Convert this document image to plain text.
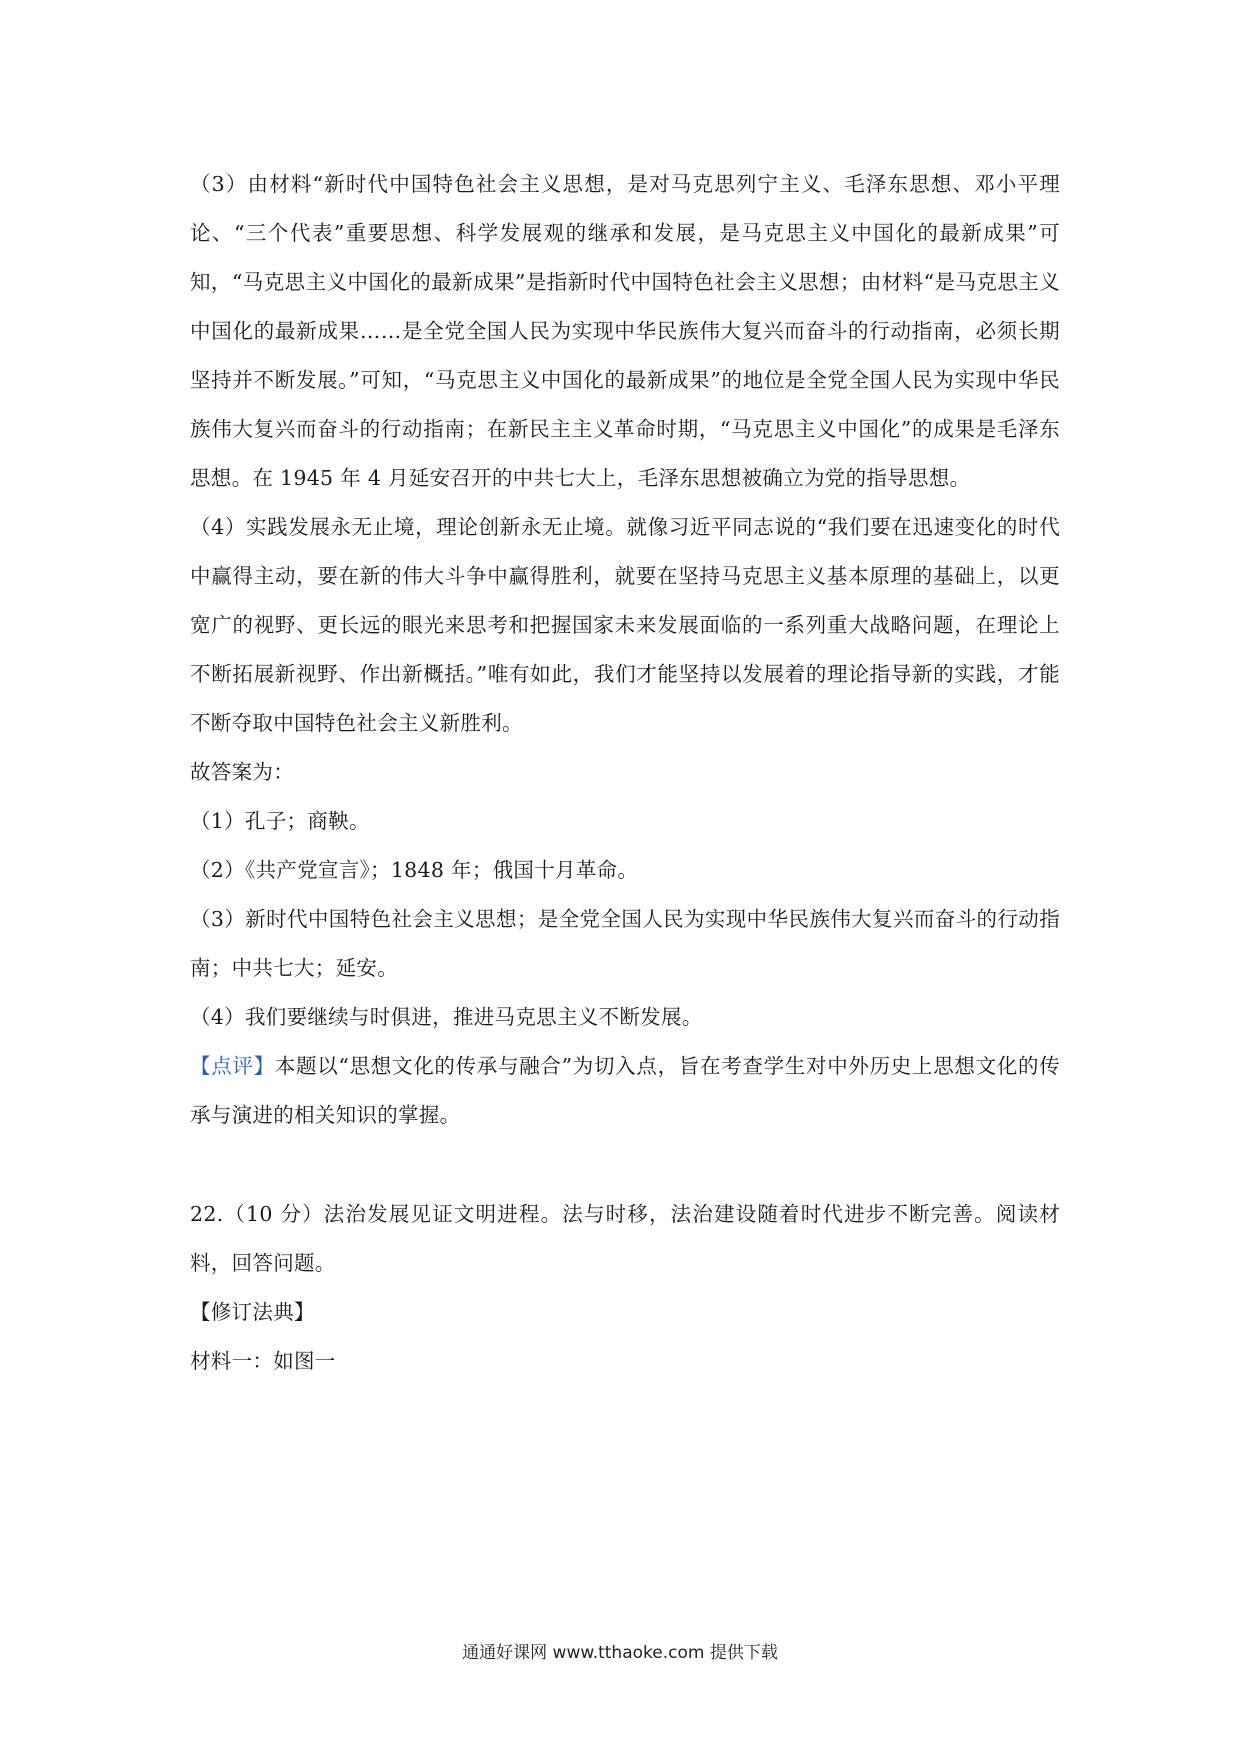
（3）由材料“新时代中国特色社会主义思想，是对马克思列宁主义、毛泽东思想、邓小平理论、“三个代表”重要思想、科学发展观的继承和发展，是马克思主义中国化的最新成果”可知，“马克思主义中国化的最新成果”是指新时代中国特色社会主义思想；由材料“是马克思主义中国化的最新成果……是全党全国人民为实现中华民族伟大复兴而奋斗的行动指南，必须长期坚持并不断发展。”可知，“马克思主义中国化的最新成果”的地位是全党全国人民为实现中华民族伟大复兴而奋斗的行动指南；在新民主主义革命时期，“马克思主义中国化”的成果是毛泽东思想。在 1945 年 4 月延安召开的中共七大上，毛泽东思想被确立为党的指导思想。

（4）实践发展永无止境，理论创新永无止境。就像习近平同志说的“我们要在迅速变化的时代中赢得主动，要在新的伟大斗争中赢得胜利，就要在坚持马克思主义基本原理的基础上，以更宽广的视野、更长远的眼光来思考和把握国家未来发展面临的一系列重大战略问题，在理论上不断拓展新视野、作出新概括。”唯有如此，我们才能坚持以发展着的理论指导新的实践，才能不断夺取中国特色社会主义新胜利。

故答案为：

（1）孔子；商鞅。

（2）《共产党宣言》；1848 年；俄国十月革命。

（3）新时代中国特色社会主义思想；是全党全国人民为实现中华民族伟大复兴而奋斗的行动指南；中共七大；延安。

（4）我们要继续与时俱进，推进马克思主义不断发展。

【点评】本题以“思想文化的传承与融合”为切入点，旨在考查学生对中外历史上思想文化的传承与演进的相关知识的掌握。

22.（10 分）法治发展见证文明进程。法与时移，法治建设随着时代进步不断完善。阅读材料，回答问题。

【修订法典】

材料一：如图一

通通好课网 www.tthaoke.com 提供下载
